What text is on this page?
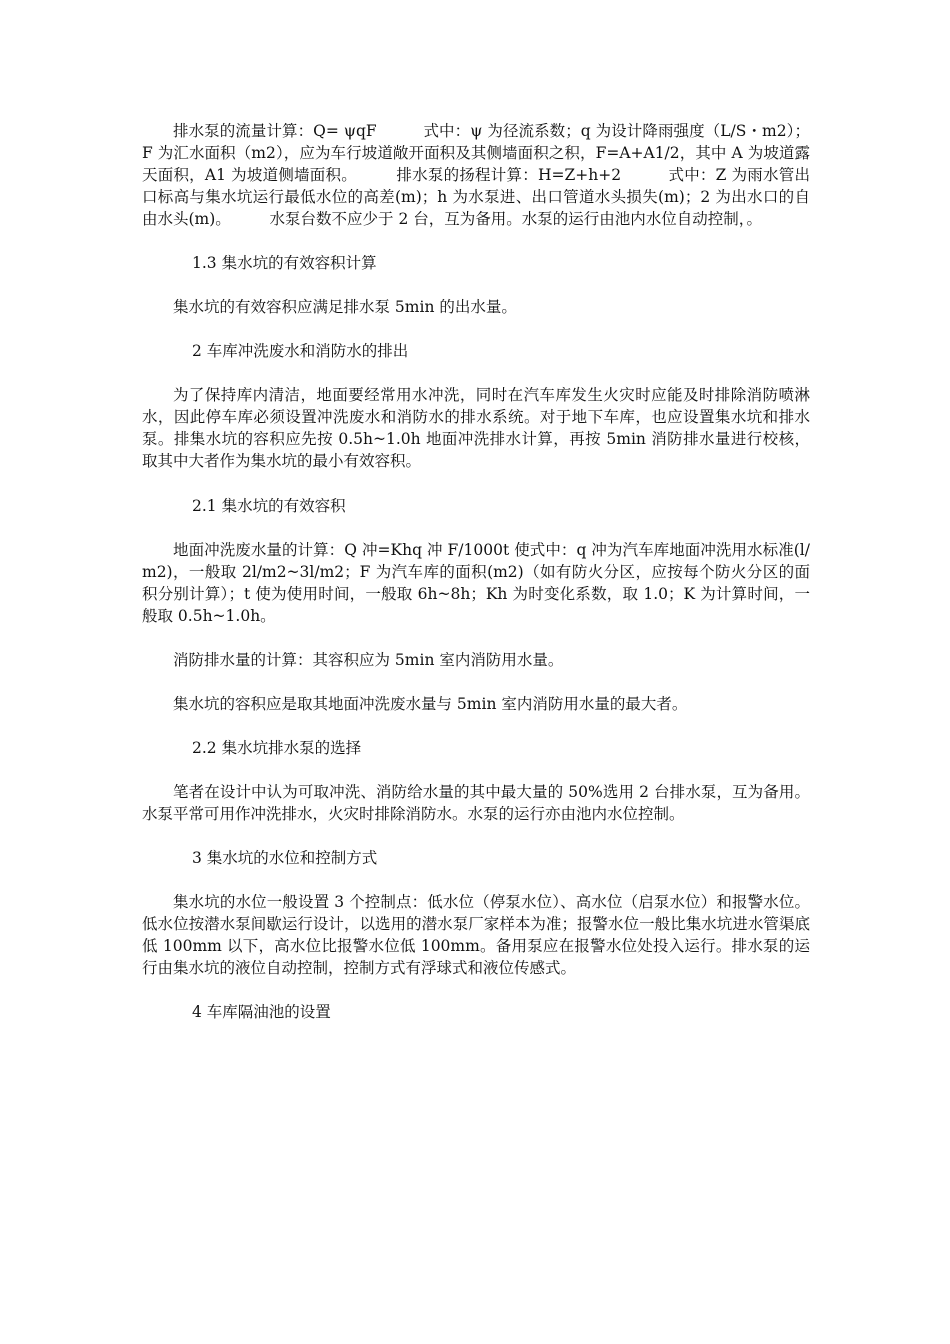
排水泵的流量计算：Q= ψqF　　　式中：ψ 为径流系数；q 为设计降雨强度（L/S・m2）；F 为汇水面积（m2），应为车行坡道敞开面积及其侧墙面积之积，F=A+A1/2，其中 A 为坡道露天面积，A1 为坡道侧墙面积。　　　排水泵的扬程计算：H=Z+h+2　　　式中：Z 为雨水管出口标高与集水坑运行最低水位的高差(m)；h 为水泵进、出口管道水头损失(m)；2 为出水口的自由水头(m)。　　　水泵台数不应少于 2 台，互为备用。水泵的运行由池内水位自动控制，。

1.3 集水坑的有效容积计算

集水坑的有效容积应满足排水泵 5min 的出水量。

2 车库冲洗废水和消防水的排出

为了保持库内清洁，地面要经常用水冲洗，同时在汽车库发生火灾时应能及时排除消防喷淋水，因此停车库必须设置冲洗废水和消防水的排水系统。对于地下车库，也应设置集水坑和排水泵。排集水坑的容积应先按 0.5h~1.0h 地面冲洗排水计算，再按 5min 消防排水量进行校核，取其中大者作为集水坑的最小有效容积。

2.1 集水坑的有效容积

地面冲洗废水量的计算：Q 冲=Khq 冲 F/1000t 使式中：q 冲为汽车库地面冲洗用水标准(l/m2)，一般取 2l/m2~3l/m2；F 为汽车库的面积(m2)（如有防火分区，应按每个防火分区的面积分别计算）；t 使为使用时间，一般取 6h~8h；Kh 为时变化系数，取 1.0；K 为计算时间，一般取 0.5h~1.0h。

消防排水量的计算：其容积应为 5min 室内消防用水量。

集水坑的容积应是取其地面冲洗废水量与 5min 室内消防用水量的最大者。

2.2 集水坑排水泵的选择

笔者在设计中认为可取冲洗、消防给水量的其中最大量的 50%选用 2 台排水泵，互为备用。水泵平常可用作冲洗排水，火灾时排除消防水。水泵的运行亦由池内水位控制。

3 集水坑的水位和控制方式

集水坑的水位一般设置 3 个控制点：低水位（停泵水位）、高水位（启泵水位）和报警水位。低水位按潜水泵间歇运行设计，以选用的潜水泵厂家样本为准；报警水位一般比集水坑进水管渠底低 100mm 以下，高水位比报警水位低 100mm。备用泵应在报警水位处投入运行。排水泵的运行由集水坑的液位自动控制，控制方式有浮球式和液位传感式。

4 车库隔油池的设置
